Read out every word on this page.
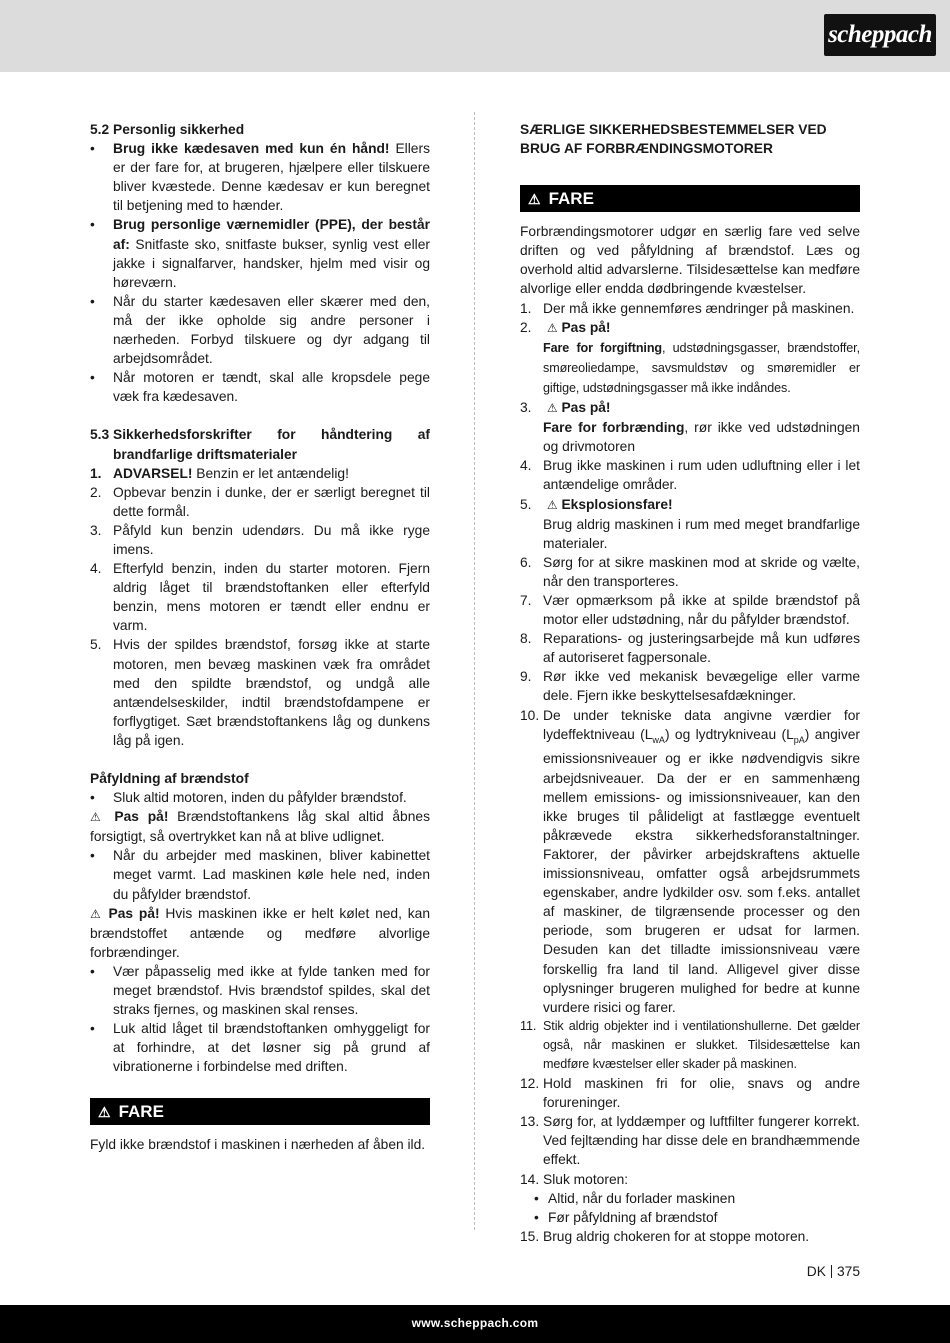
scheppach

5.2 Personlig sikkerhed

• Brug ikke kædesaven med kun én hånd! Ellers er der fare for, at brugeren, hjælpere eller tilskuere bliver kvæstede. Denne kædesav er kun beregnet til betjening med to hænder.
• Brug personlige værnemidler (PPE), der består af: Snitfaste sko, snitfaste bukser, synlig vest eller jakke i signalfarver, handsker, hjelm med visir og høreværn.
• Når du starter kædesaven eller skærer med den, må der ikke opholde sig andre personer i nærheden. Forbyd tilskuere og dyr adgang til arbejdsområdet.
• Når motoren er tændt, skal alle kropsdele pege væk fra kædesaven.
5.3 Sikkerhedsforskrifter for håndtering af brandfarlige driftsmaterialer
1. ADVARSEL! Benzin er let antændelig!
2. Opbevar benzin i dunke, der er særligt beregnet til dette formål.
3. Påfyld kun benzin udendørs. Du må ikke ryge imens.
4. Efterfyld benzin, inden du starter motoren. Fjern aldrig låget til brændstoftanken eller efterfyld benzin, mens motoren er tændt eller endnu er varm.
5. Hvis der spildes brændstof, forsøg ikke at starte motoren, men bevæg maskinen væk fra området med den spildte brændstof, og undgå alle antændelseskilder, indtil brændstofdampene er forflygtiget. Sæt brændstoftankens låg og dunkens låg på igen.

Påfyldning af brændstof

• Sluk altid motoren, inden du påfylder brændstof.

⚠ Pas på! Brændstoftankens låg skal altid åbnes forsigtigt, så overtrykket kan nå at blive udlignet.

• Når du arbejder med maskinen, bliver kabinettet meget varmt. Lad maskinen køle hele ned, inden du påfylder brændstof.

⚠ Pas på! Hvis maskinen ikke er helt kølet ned, kan brændstoffet antænde og medføre alvorlige forbrændinger.

• Vær påpasselig med ikke at fylde tanken med for meget brændstof. Hvis brændstof spildes, skal det straks fjernes, og maskinen skal renses.
• Luk altid låget til brændstoftanken omhyggeligt for at forhindre, at det løsner sig på grund af vibrationerne i forbindelse med driften.
⚠ FARE

Fyld ikke brændstof i maskinen i nærheden af åben ild.

SÆRLIGE SIKKERHEDSBESTEMMELSER VED BRUG AF FORBRÆNDINGSMOTORER

⚠ FARE

Forbrændingsmotorer udgør en særlig fare ved selve driften og ved påfyldning af brændstof. Læs og overhold altid advarslerne. Tilsidesættelse kan medføre alvorlige eller endda dødbringende kvæstelser.

1. Der må ikke gennemføres ændringer på maskinen.
2. ⚠ Pas på!
Fare for forgiftning, udstødningsgasser, brændstoffer, smøreoliedampe, savsmuldstøv og smøremidler er giftige, udstødningsgasser må ikke indåndes.
3. ⚠ Pas på!
Fare for forbrænding, rør ikke ved udstødningen og drivmotoren
4. Brug ikke maskinen i rum uden udluftning eller i let antændelige områder.
5. ⚠ Eksplosionsfare!
Brug aldrig maskinen i rum med meget brandfarlige materialer.
6. Sørg for at sikre maskinen mod at skride og vælte, når den transporteres.
7. Vær opmærksom på ikke at spilde brændstof på motor eller udstødning, når du påfylder brændstof.
8. Reparations- og justeringsarbejde må kun udføres af autoriseret fagpersonale.
9. Rør ikke ved mekanisk bevægelige eller varme dele. Fjern ikke beskyttelsesafdækninger.
10. De under tekniske data angivne værdier for lydeffektniveau $(L_{wA})$ og lydtrykniveau $(L_{pA})$ angiver emissionsniveauer og er ikke nødvendigvis sikre arbejdsniveauer. Da der er en sammenhæng mellem emissions- og imissionsniveauer, kan den ikke bruges til pålideligt at fastlægge eventuelt påkrævede ekstra sikkerhedsforanstaltninger. Faktorer, der påvirker arbejdskraftens aktuelle imissionsniveau, omfatter også arbejdsrummets egenskaber, andre lydkilder osv. som f.eks. antallet af maskiner, de tilgrænsende processer og den periode, som brugeren er udsat for larmen. Desuden kan det tilladte imissionsniveau være forskellig fra land til land. Alligevel giver disse oplysninger brugeren mulighed for bedre at kunne vurdere risici og farer.
11. Stik aldrig objekter ind i ventilationshullerne. Det gælder også, når maskinen er slukket. Tilsidesættelse kan medføre kvæstelser eller skader på maskinen.
12. Hold maskinen fri for olie, snavs og andre forureninger.
13. Sørg for, at lyddæmper og luftfilter fungerer korrekt. Ved fejltænding har disse dele en brandhæmmende effekt.
14. Sluk motoren:
• Altid, når du forlader maskinen
• Før påfyldning af brændstof
15. Brug aldrig chokeren for at stoppe motoren.
DK 375
www.scheppach.com
